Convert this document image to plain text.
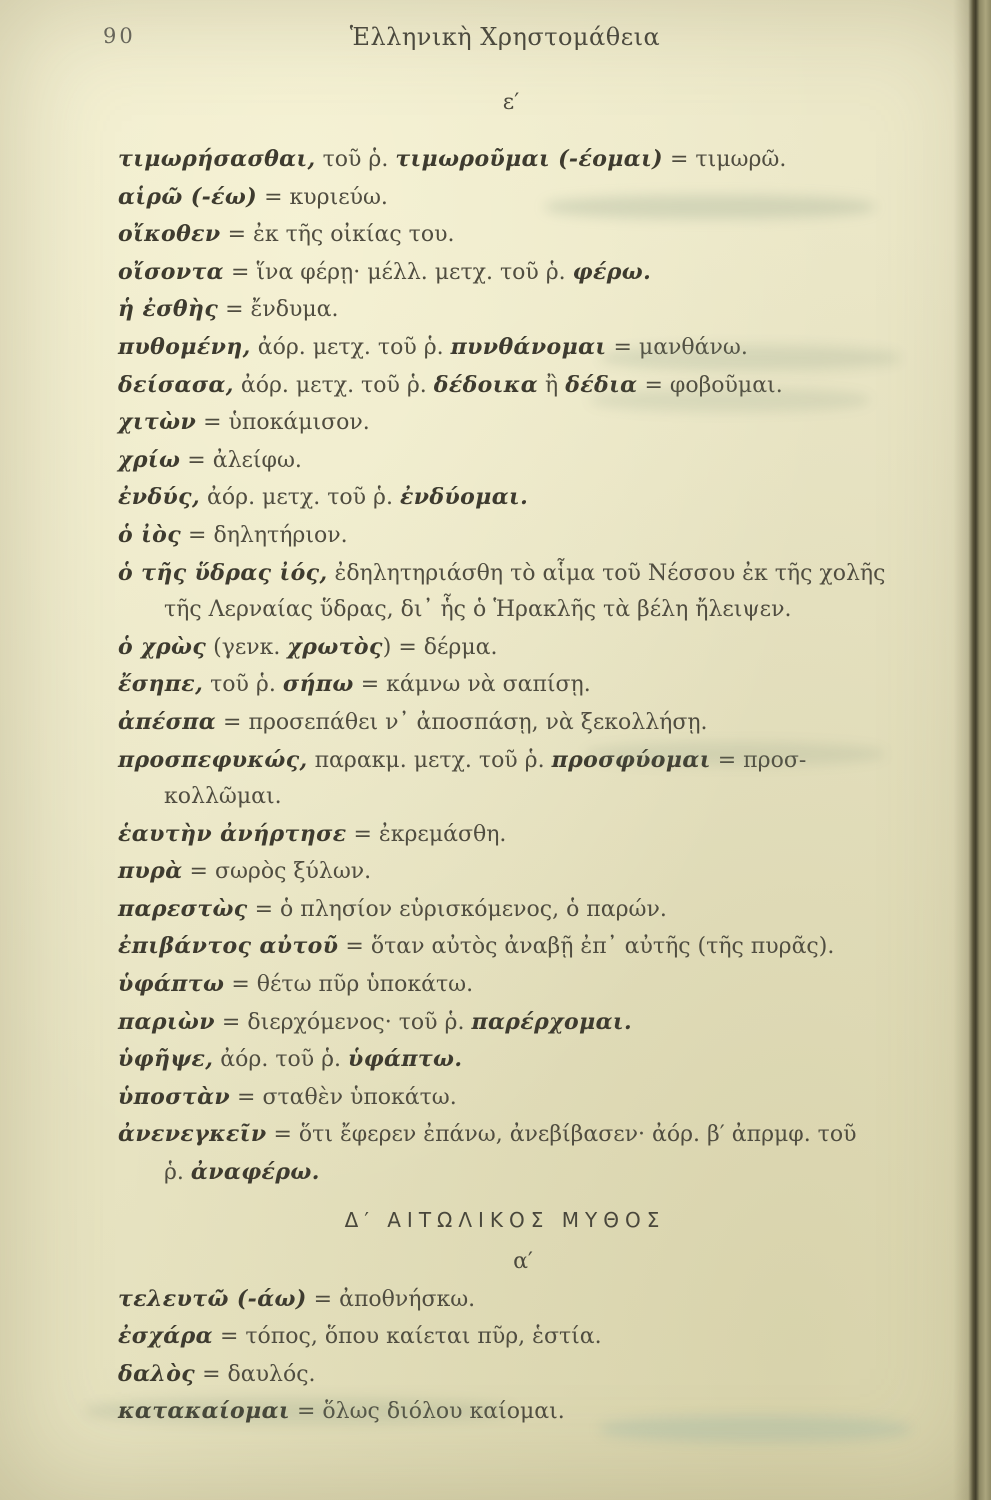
90	Ἑλληνικὴ Χρηστομάθεια
ε′

τιμωρήσασθαι, τοῦ ῥ. τιμωροῦμαι (-έομαι) = τιμωρῶ.

αἱρῶ (-έω) = κυριεύω.

οἴκοθεν = ἐκ τῆς οἰκίας του.

οἴσοντα = ἵνα φέρῃ· μέλλ. μετχ. τοῦ ῥ. φέρω.

ἡ ἐσθὴς = ἔνδυμα.

πυθομένη, ἀόρ. μετχ. τοῦ ῥ. πυνθάνομαι = μανθάνω.

δείσασα, ἀόρ. μετχ. τοῦ ῥ. δέδοικα ἢ δέδια = φοβοῦμαι.

χιτὼν = ὑποκάμισον.

χρίω = ἀλείφω.

ἐνδύς, ἀόρ. μετχ. τοῦ ῥ. ἐνδύομαι.

ὁ ἰὸς = δηλητήριον.

ὁ τῆς ὕδρας ἰός, ἐδηλητηριάσθη τὸ αἷμα τοῦ Νέσσου ἐκ τῆς χολῆς
τῆς Λερναίας ὕδρας, δι᾽ ἧς ὁ Ἡρακλῆς τὰ βέλη ἤλειψεν.

ὁ χρὼς (γενκ. χρωτὸς) = δέρμα.

ἔσηπε, τοῦ ῥ. σήπω = κάμνω νὰ σαπίσῃ.

ἀπέσπα = προσεπάθει ν᾽ ἀποσπάσῃ, νὰ ξεκολλήσῃ.

προσπεφυκώς, παρακμ. μετχ. τοῦ ῥ. προσφύομαι = προσ-
κολλῶμαι.

ἑαυτὴν ἀνήρτησε = ἐκρεμάσθη.

πυρὰ = σωρὸς ξύλων.

παρεστὼς = ὁ πλησίον εὑρισκόμενος, ὁ παρών.

ἐπιβάντος αὐτοῦ = ὅταν αὐτὸς ἀναβῇ ἐπ᾽ αὐτῆς (τῆς πυρᾶς).

ὑφάπτω = θέτω πῦρ ὑποκάτω.

παριὼν = διερχόμενος· τοῦ ῥ. παρέρχομαι.

ὑφῆψε, ἀόρ. τοῦ ῥ. ὑφάπτω.

ὑποστὰν = σταθὲν ὑποκάτω.

ἀνενεγκεῖν = ὅτι ἔφερεν ἐπάνω, ἀνεβίβασεν· ἀόρ. β′ ἀπρμφ. τοῦ
ῥ. ἀναφέρω.

Δ′ ΑΙΤΩΛΙΚΟΣ ΜΥΘΟΣ
α′

τελευτῶ (-άω) = ἀποθνήσκω.

ἐσχάρα = τόπος, ὅπου καίεται πῦρ, ἑστία.

δαλὸς = δαυλός.

κατακαίομαι = ὅλως διόλου καίομαι.
